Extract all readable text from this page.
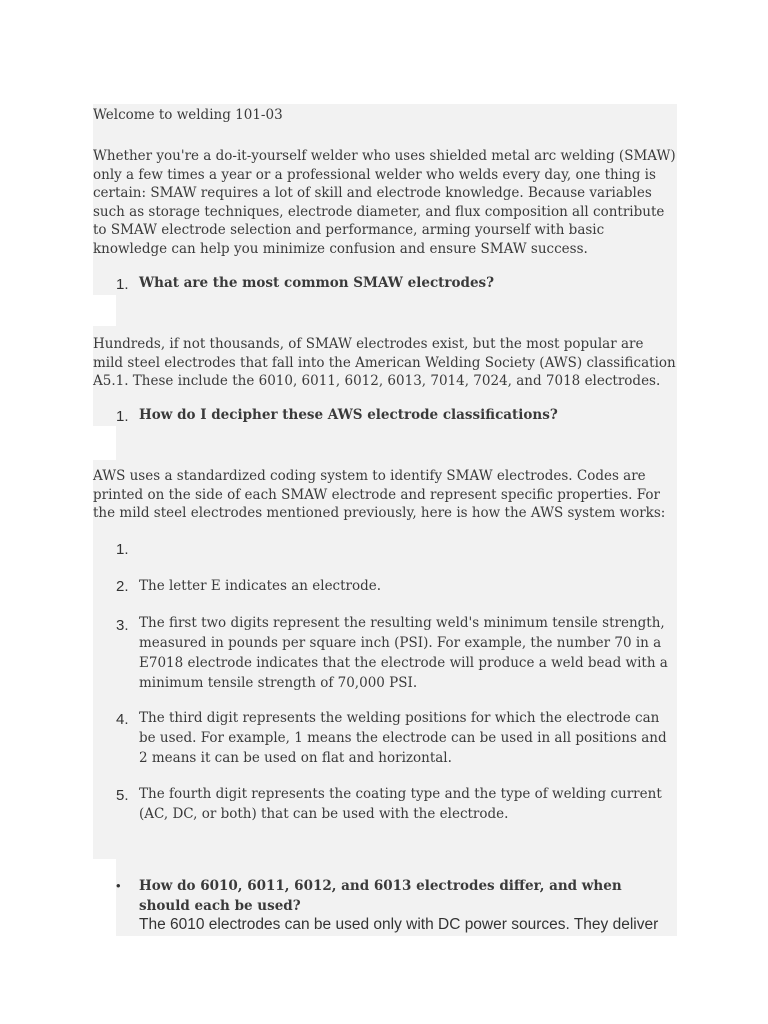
Welcome to welding 101-03

Whether you're a do-it-yourself welder who uses shielded metal arc welding (SMAW) only a few times a year or a professional welder who welds every day, one thing is certain: SMAW requires a lot of skill and electrode knowledge. Because variables such as storage techniques, electrode diameter, and flux composition all contribute to SMAW electrode selection and performance, arming yourself with basic knowledge can help you minimize confusion and ensure SMAW success.

1. What are the most common SMAW electrodes?

Hundreds, if not thousands, of SMAW electrodes exist, but the most popular are mild steel electrodes that fall into the American Welding Society (AWS) classification A5.1. These include the 6010, 6011, 6012, 6013, 7014, 7024, and 7018 electrodes.

1. How do I decipher these AWS electrode classifications?

AWS uses a standardized coding system to identify SMAW electrodes. Codes are printed on the side of each SMAW electrode and represent specific properties. For the mild steel electrodes mentioned previously, here is how the AWS system works:

1.

2. The letter E indicates an electrode.

3. The first two digits represent the resulting weld's minimum tensile strength, measured in pounds per square inch (PSI). For example, the number 70 in a E7018 electrode indicates that the electrode will produce a weld bead with a minimum tensile strength of 70,000 PSI.

4. The third digit represents the welding positions for which the electrode can be used. For example, 1 means the electrode can be used in all positions and 2 means it can be used on flat and horizontal.

5. The fourth digit represents the coating type and the type of welding current (AC, DC, or both) that can be used with the electrode.

• How do 6010, 6011, 6012, and 6013 electrodes differ, and when should each be used?

The 6010 electrodes can be used only with DC power sources. They deliver
